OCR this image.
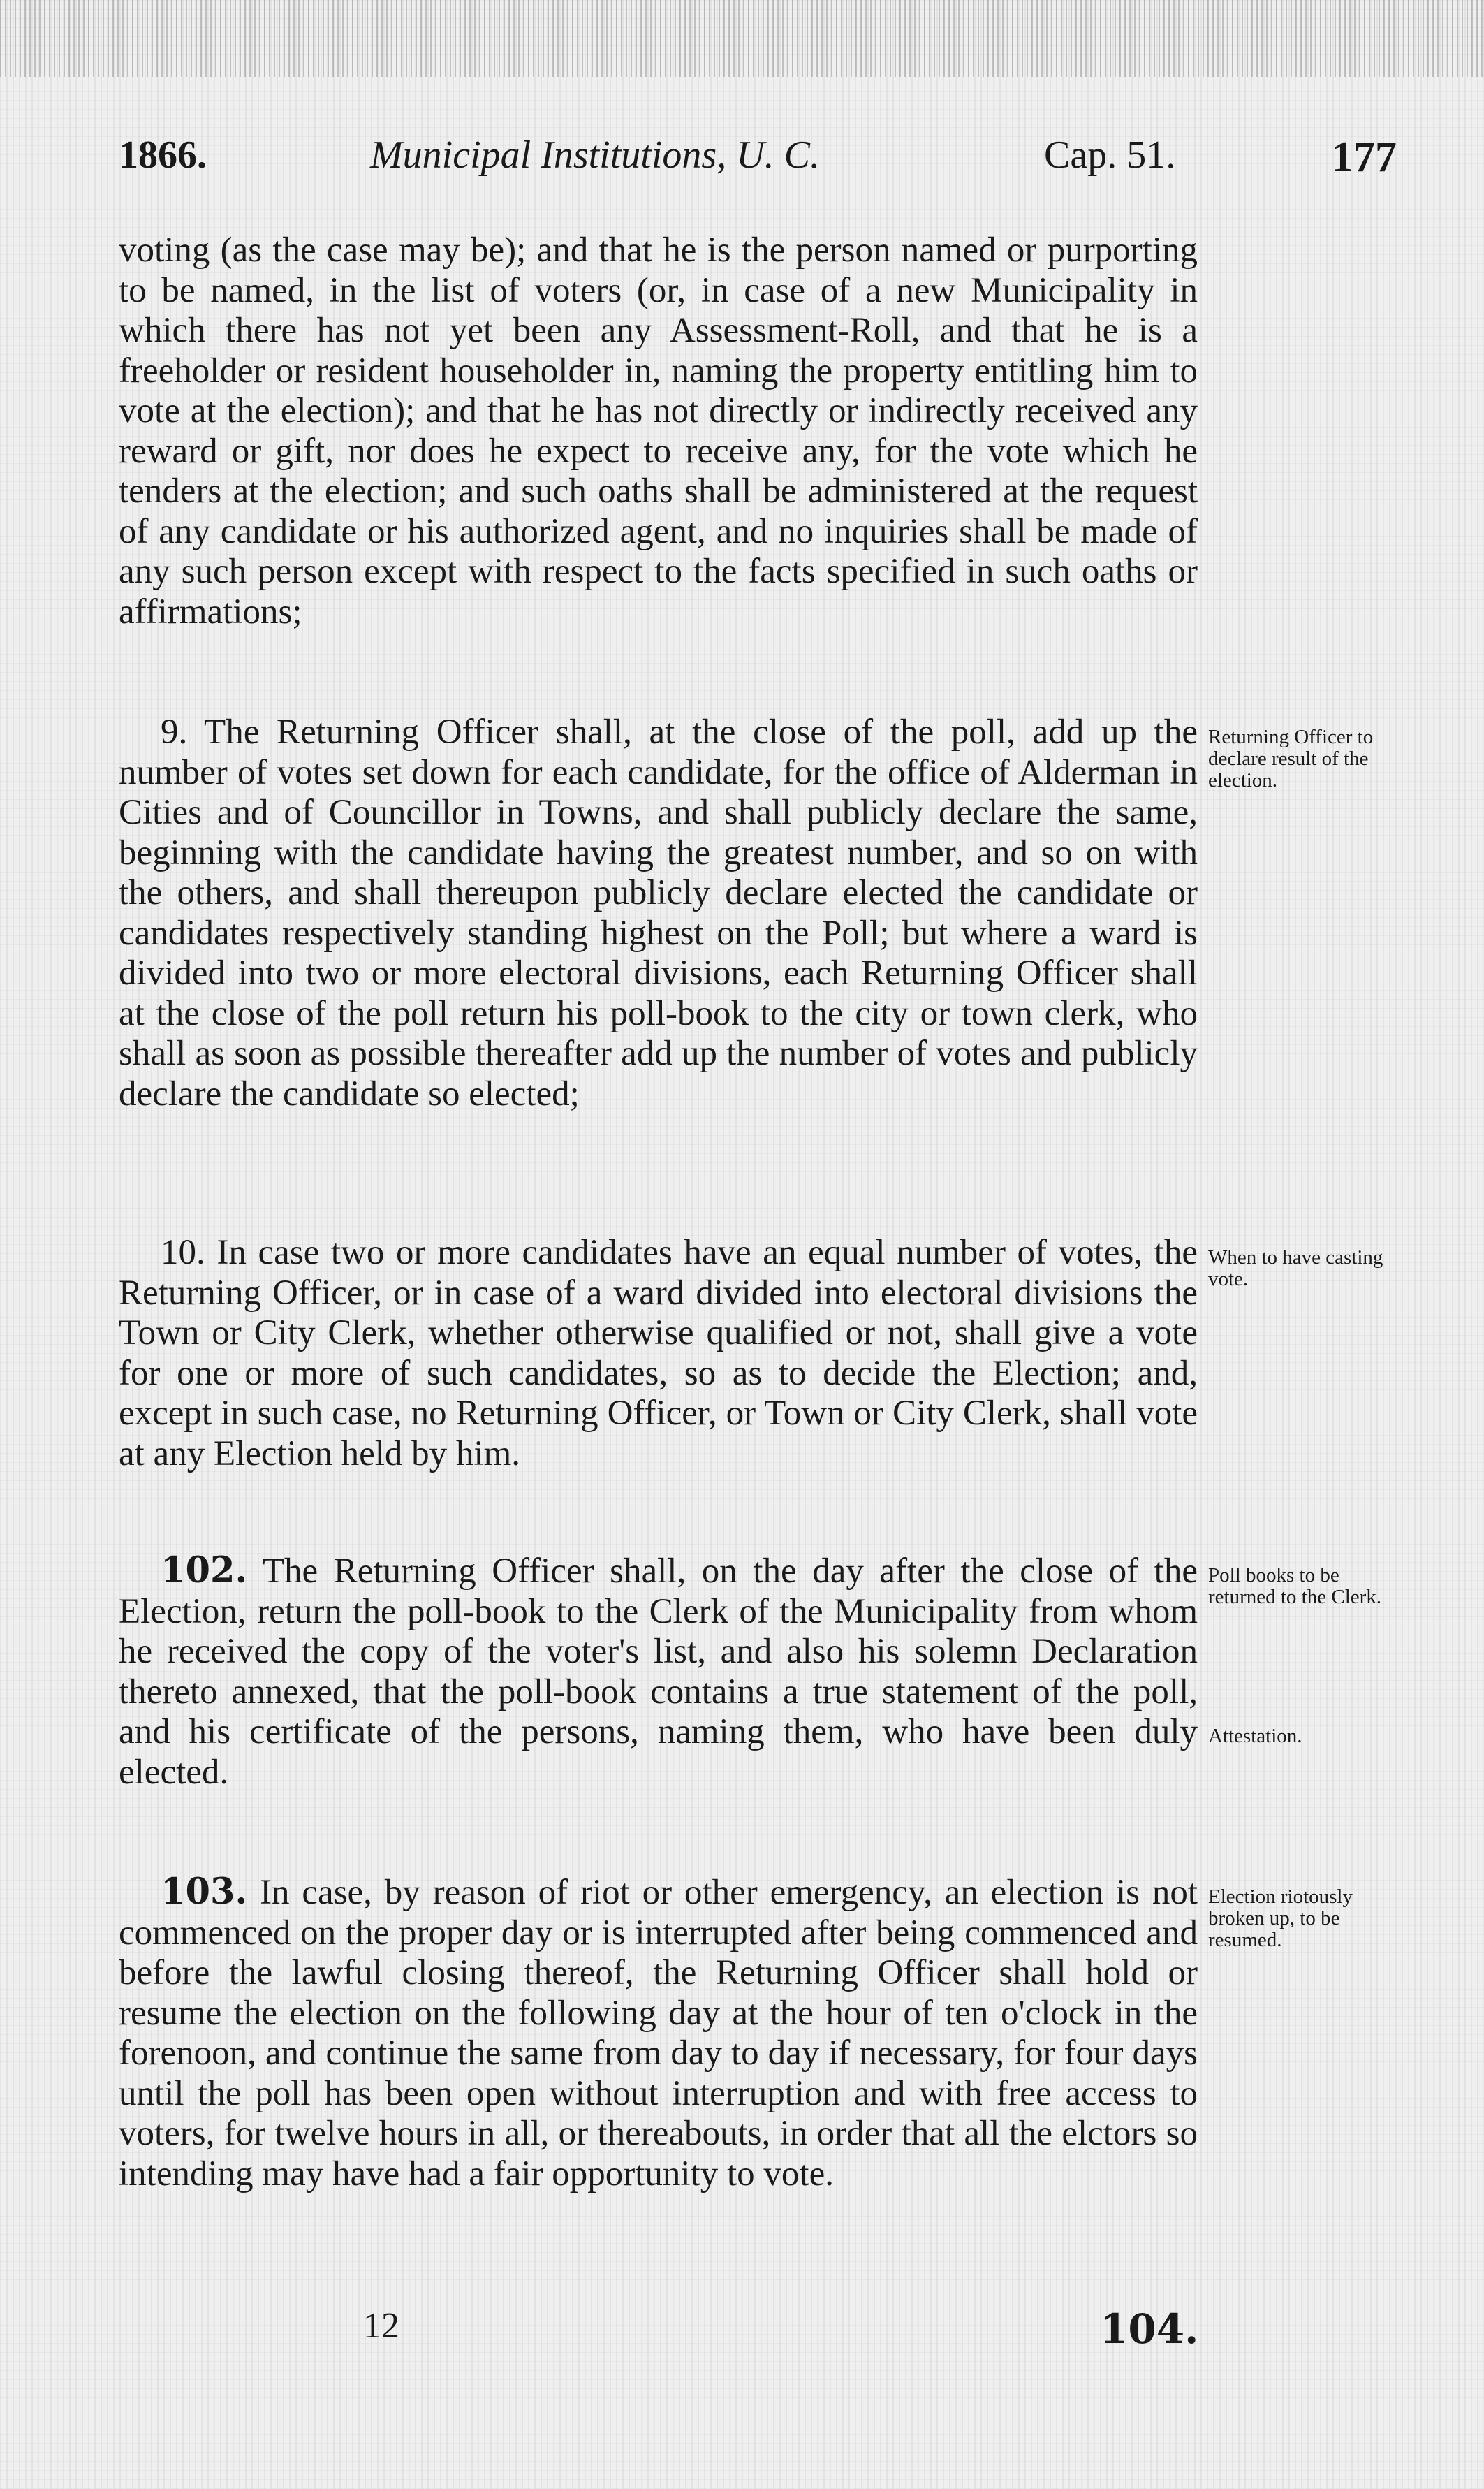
1866.	Municipal Institutions, U. C.	Cap. 51.	177

voting (as the case may be); and that he is the person named or purporting to be named, in the list of voters (or, in case of a new Municipality in which there has not yet been any Assessment-Roll, and that he is a freeholder or resident householder in, naming the property entitling him to vote at the election); and that he has not directly or indirectly received any reward or gift, nor does he expect to receive any, for the vote which he tenders at the election; and such oaths shall be administered at the request of any candidate or his authorized agent, and no inquiries shall be made of any such person except with respect to the facts specified in such oaths or affirmations;

9. The Returning Officer shall, at the close of the poll, add up the number of votes set down for each candidate, for the office of Alderman in Cities and of Councillor in Towns, and shall publicly declare the same, beginning with the candidate having the greatest number, and so on with the others, and shall thereupon publicly declare elected the candidate or candidates respectively standing highest on the Poll; but where a ward is divided into two or more electoral divisions, each Returning Officer shall at the close of the poll return his poll-book to the city or town clerk, who shall as soon as possible thereafter add up the number of votes and publicly declare the candidate so elected;

Returning Officer to declare result of the election.

10. In case two or more candidates have an equal number of votes, the Returning Officer, or in case of a ward divided into electoral divisions the Town or City Clerk, whether otherwise qualified or not, shall give a vote for one or more of such candidates, so as to decide the Election; and, except in such case, no Returning Officer, or Town or City Clerk, shall vote at any Election held by him.

When to have casting vote.

102. The Returning Officer shall, on the day after the close of the Election, return the poll-book to the Clerk of the Municipality from whom he received the copy of the voter's list, and also his solemn Declaration thereto annexed, that the poll-book contains a true statement of the poll, and his certificate of the persons, naming them, who have been duly elected.

Poll books to be returned to the Clerk.

Attestation.

103. In case, by reason of riot or other emergency, an election is not commenced on the proper day or is interrupted after being commenced and before the lawful closing thereof, the Returning Officer shall hold or resume the election on the following day at the hour of ten o'clock in the forenoon, and continue the same from day to day if necessary, for four days until the poll has been open without interruption and with free access to voters, for twelve hours in all, or thereabouts, in order that all the elctors so intending may have had a fair opportunity to vote.

Election riotously broken up, to be resumed.

12	104.
